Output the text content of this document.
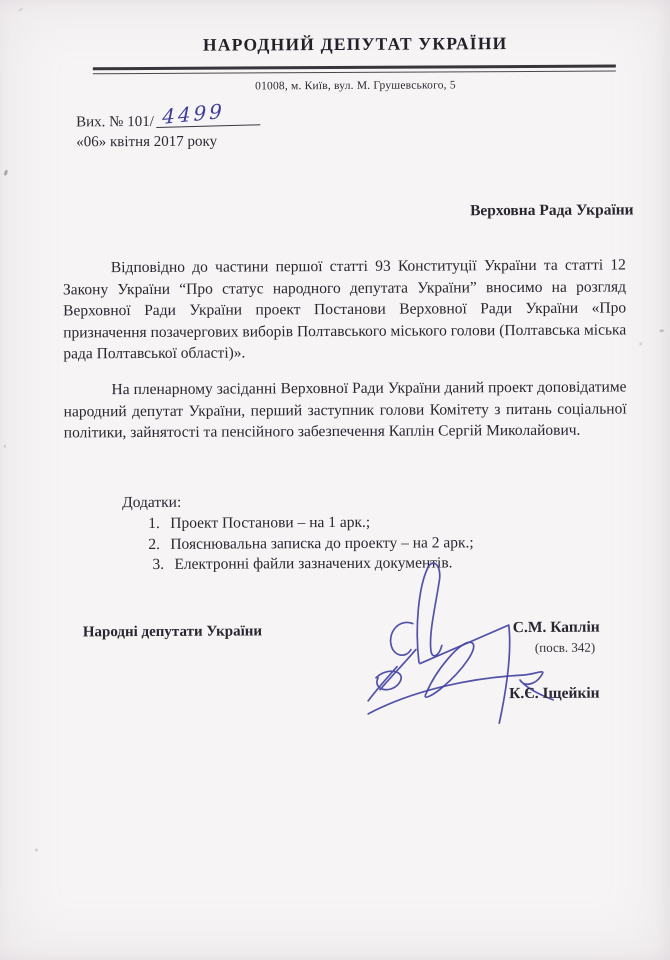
НАРОДНИЙ ДЕПУТАТ УКРАЇНИ
01008, м. Київ, вул. М. Грушевського, 5
Вих. № 101/ 4499
«06» квітня 2017 року
Верховна Рада України
Відповідно до частини першої статті 93 Конституції України та статті 12 Закону України “Про статус народного депутата України” вносимо на розгляд Верховної Ради України проект Постанови Верховної Ради України «Про призначення позачергових виборів Полтавського міського голови (Полтавська міська рада Полтавської області)».
На пленарному засіданні Верховної Ради України даний проект доповідатиме народний депутат України, перший заступник голови Комітету з питань соціальної політики, зайнятості та пенсійного забезпечення Каплін Сергій Миколайович.
Додатки:
1. Проект Постанови – на 1 арк.;
2. Пояснювальна записка до проекту – на 2 арк.;
3. Електронні файли зазначених документів.
Народні депутати України	С.М. Каплін
(посв. 342)
К.Є. Іщейкін
